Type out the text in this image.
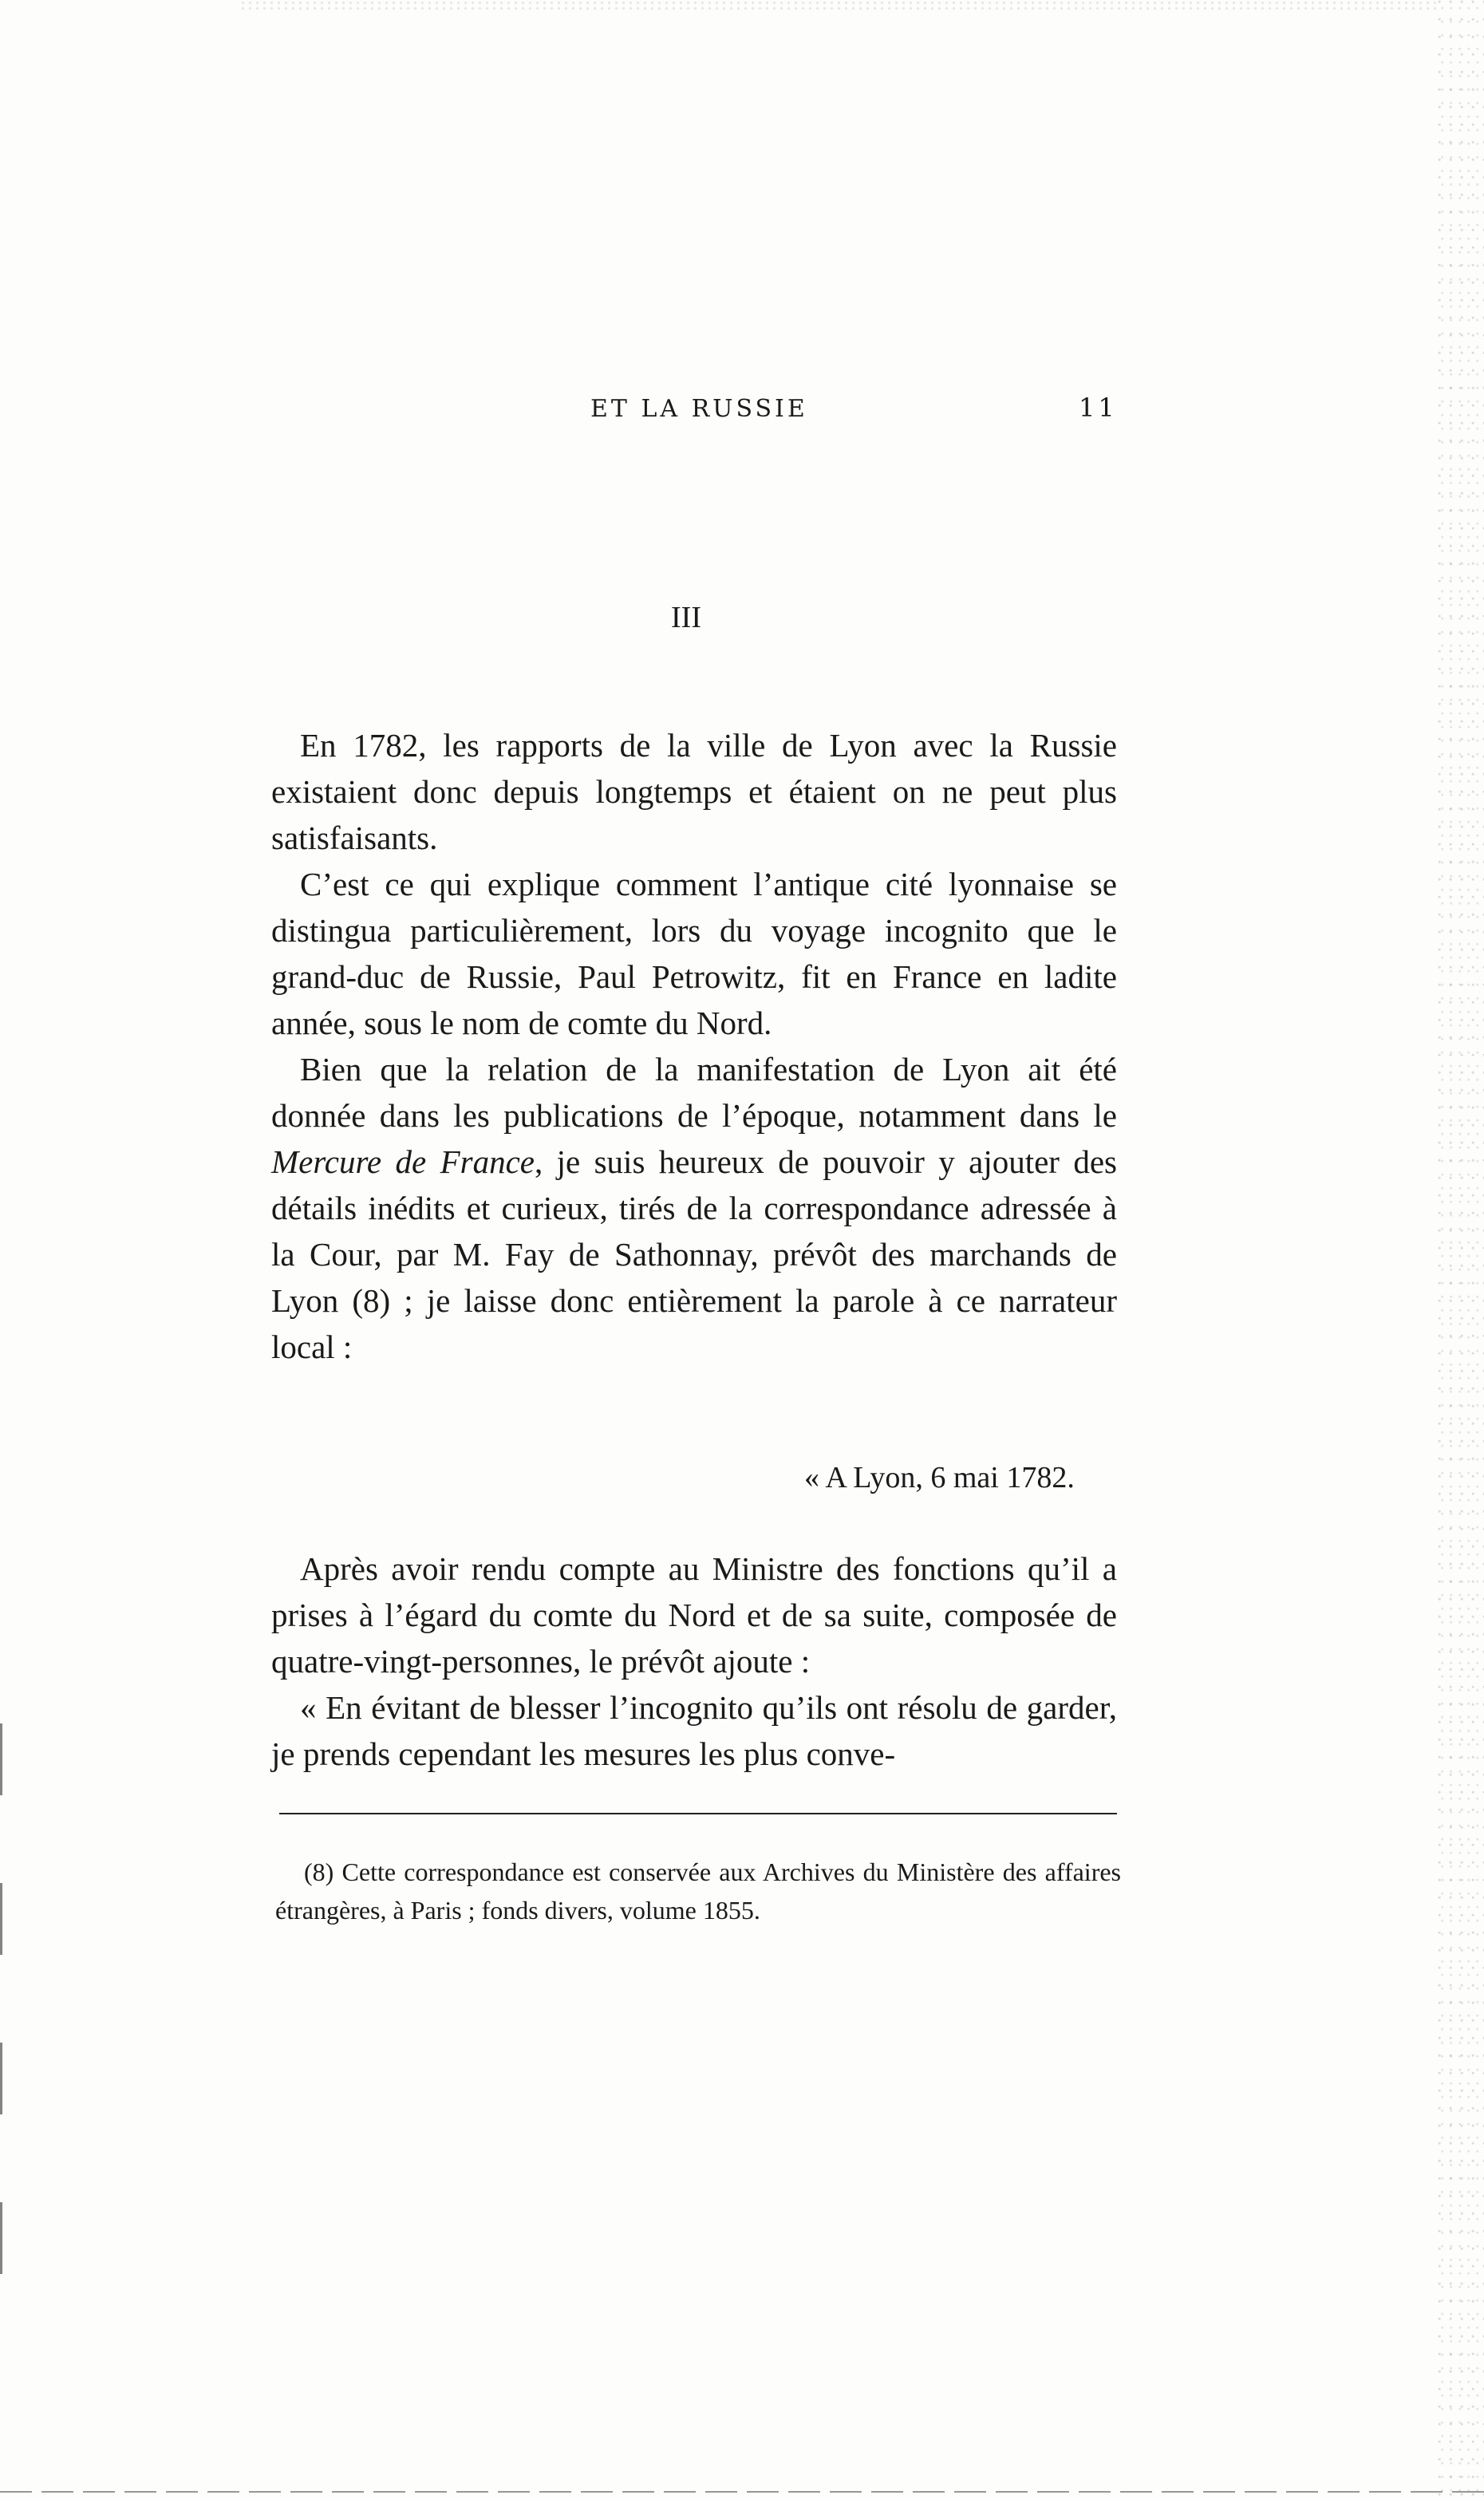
ET LA RUSSIE	11
III

En 1782, les rapports de la ville de Lyon avec la Russie existaient donc depuis longtemps et étaient on ne peut plus satisfaisants.

C’est ce qui explique comment l’antique cité lyonnaise se distingua particulièrement, lors du voyage incognito que le grand-duc de Russie, Paul Petrowitz, fit en France en ladite année, sous le nom de comte du Nord.

Bien que la relation de la manifestation de Lyon ait été donnée dans les publications de l’époque, notamment dans le Mercure de France, je suis heureux de pouvoir y ajouter des détails inédits et curieux, tirés de la correspondance adressée à la Cour, par M. Fay de Sathonnay, prévôt des marchands de Lyon (8) ; je laisse donc entièrement la parole à ce narrateur local :

« A Lyon, 6 mai 1782.

Après avoir rendu compte au Ministre des fonctions qu’il a prises à l’égard du comte du Nord et de sa suite, composée de quatre-vingt-personnes, le prévôt ajoute :

« En évitant de blesser l’incognito qu’ils ont résolu de garder, je prends cependant les mesures les plus conve-

(8) Cette correspondance est conservée aux Archives du Ministère des affaires étrangères, à Paris ; fonds divers, volume 1855.
